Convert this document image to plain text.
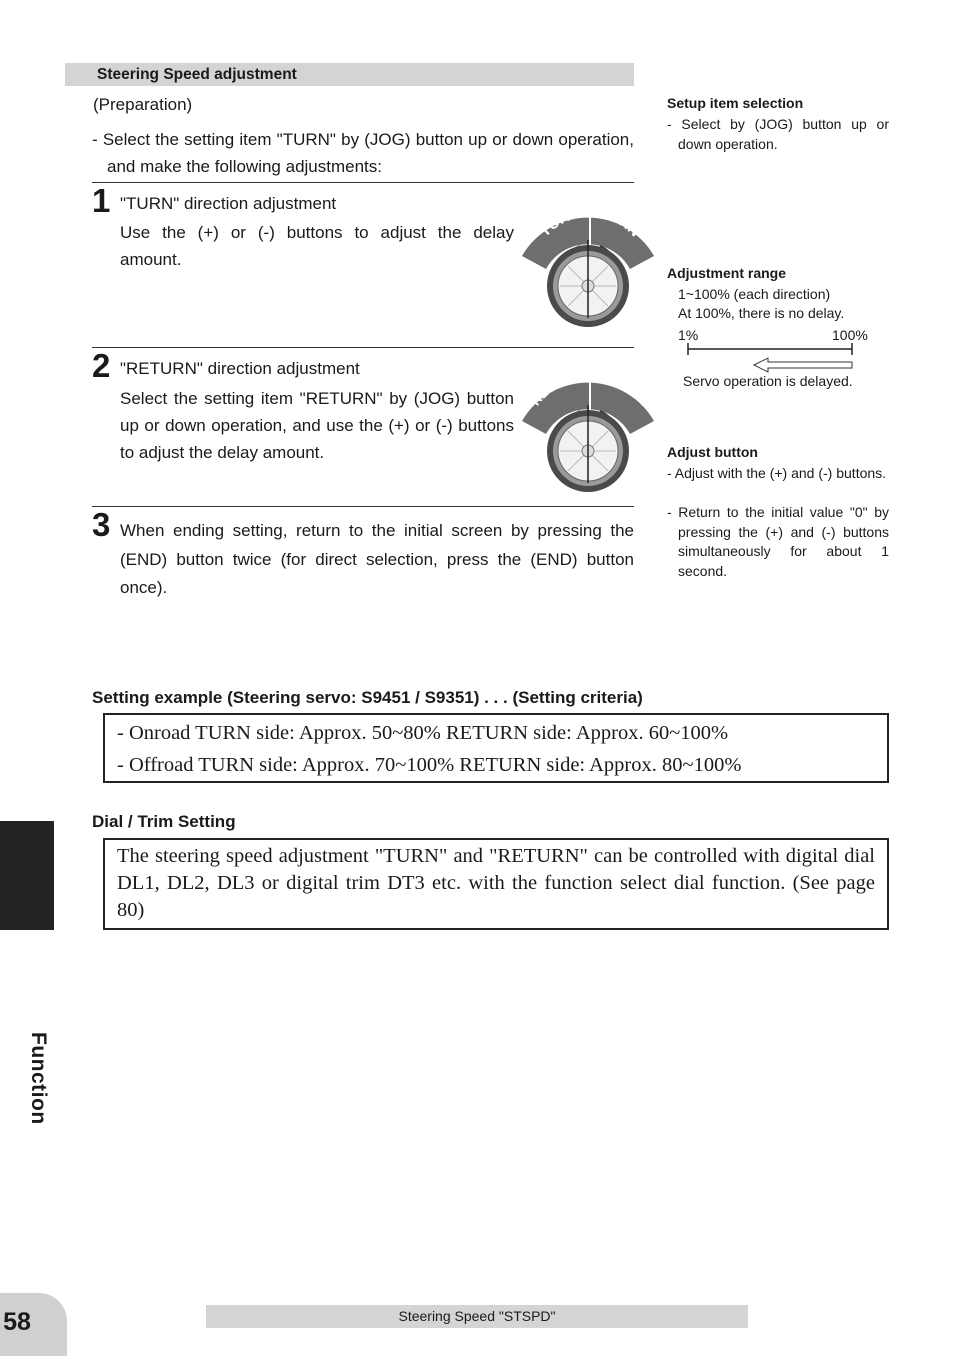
Steering Speed adjustment
(Preparation)
- Select the setting item "TURN" by (JOG) button up or down operation, and make the following adjustments:
1 "TURN" direction adjustment
Use the (+) or (-) buttons to adjust the delay amount.
TURN TURN
2 "RETURN" direction adjustment
Select the setting item "RETURN" by (JOG) button up or down operation, and use the (+) or (-) buttons to adjust the delay amount.
RETURN RETURN
3 When ending setting, return to the initial screen by pressing the (END) button twice (for direct selection, press the (END) button once).
Setup item selection
- Select by (JOG) button up or down operation.
Adjustment range
1~100% (each direction)
At 100%, there is no delay.
1%	100%
Servo operation is delayed.
Adjust button
- Adjust with the (+) and (-) buttons.
- Return to the initial value "0" by pressing the (+) and (-) buttons simultaneously for about 1 second.
Setting example (Steering servo: S9451 / S9351) . . . (Setting criteria)
- Onroad TURN side: Approx. 50~80% RETURN side: Approx. 60~100%
- Offroad TURN side: Approx. 70~100% RETURN side: Approx. 80~100%
Dial / Trim Setting
The steering speed adjustment "TURN" and "RETURN" can be controlled with digital dial DL1, DL2, DL3 or digital trim DT3 etc. with the function select dial function. (See page 80)
Function
58	Steering Speed "STSPD"
